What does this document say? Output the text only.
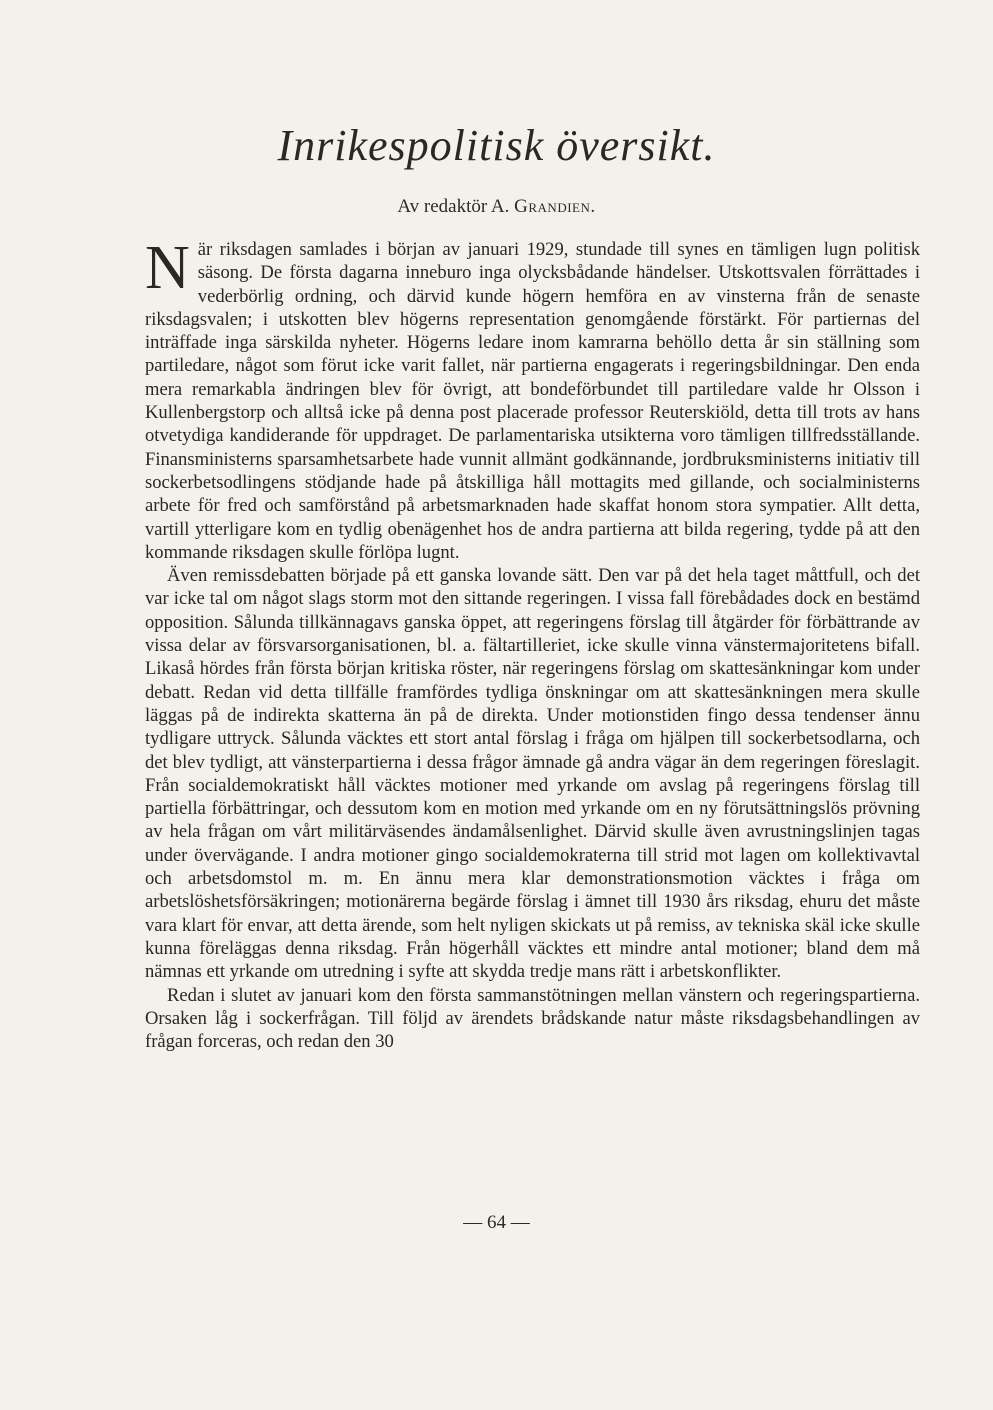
Inrikespolitisk översikt.
Av redaktör A. Grandien.

När riksdagen samlades i början av januari 1929, stundade till synes en tämligen lugn politisk säsong. De första dagarna inneburo inga olycksbådande händelser. Utskottsvalen förrättades i vederbörlig ordning, och därvid kunde högern hemföra en av vinsterna från de senaste riksdagsvalen; i utskotten blev högerns representation genomgående förstärkt. För partiernas del inträffade inga särskilda nyheter. Högerns ledare inom kamrarna behöllo detta år sin ställning som partiledare, något som förut icke varit fallet, när partierna engagerats i regeringsbildningar. Den enda mera remarkabla ändringen blev för övrigt, att bondeförbundet till partiledare valde hr Olsson i Kullenbergstorp och alltså icke på denna post placerade professor Reuterskiöld, detta till trots av hans otvetydiga kandiderande för uppdraget. De parlamentariska utsikterna voro tämligen tillfredsställande. Finansministerns sparsamhetsarbete hade vunnit allmänt godkännande, jordbruksministerns initiativ till sockerbetsodlingens stödjande hade på åtskilliga håll mottagits med gillande, och socialministerns arbete för fred och samförstånd på arbetsmarknaden hade skaffat honom stora sympatier. Allt detta, vartill ytterligare kom en tydlig obenägenhet hos de andra partierna att bilda regering, tydde på att den kommande riksdagen skulle förlöpa lugnt.

Även remissdebatten började på ett ganska lovande sätt. Den var på det hela taget måttfull, och det var icke tal om något slags storm mot den sittande regeringen. I vissa fall förebådades dock en bestämd opposition. Sålunda tillkännagavs ganska öppet, att regeringens förslag till åtgärder för förbättrande av vissa delar av försvarsorganisationen, bl. a. fältartilleriet, icke skulle vinna vänstermajoritetens bifall. Likaså hördes från första början kritiska röster, när regeringens förslag om skattesänkningar kom under debatt. Redan vid detta tillfälle framfördes tydliga önskningar om att skattesänkningen mera skulle läggas på de indirekta skatterna än på de direkta. Under motionstiden fingo dessa tendenser ännu tydligare uttryck. Sålunda väcktes ett stort antal förslag i fråga om hjälpen till sockerbetsodlarna, och det blev tydligt, att vänsterpartierna i dessa frågor ämnade gå andra vägar än dem regeringen föreslagit. Från socialdemokratiskt håll väcktes motioner med yrkande om avslag på regeringens förslag till partiella förbättringar, och dessutom kom en motion med yrkande om en ny förutsättningslös prövning av hela frågan om vårt militärväsendes ändamålsenlighet. Därvid skulle även avrustningslinjen tagas under övervägande. I andra motioner gingo socialdemokraterna till strid mot lagen om kollektivavtal och arbetsdomstol m. m. En ännu mera klar demonstrationsmotion väcktes i fråga om arbetslöshetsförsäkringen; motionärerna begärde förslag i ämnet till 1930 års riksdag, ehuru det måste vara klart för envar, att detta ärende, som helt nyligen skickats ut på remiss, av tekniska skäl icke skulle kunna föreläggas denna riksdag. Från högerhåll väcktes ett mindre antal motioner; bland dem må nämnas ett yrkande om utredning i syfte att skydda tredje mans rätt i arbetskonflikter.

Redan i slutet av januari kom den första sammanstötningen mellan vänstern och regeringspartierna. Orsaken låg i sockerfrågan. Till följd av ärendets brådskande natur måste riksdagsbehandlingen av frågan forceras, och redan den 30

— 64 —
